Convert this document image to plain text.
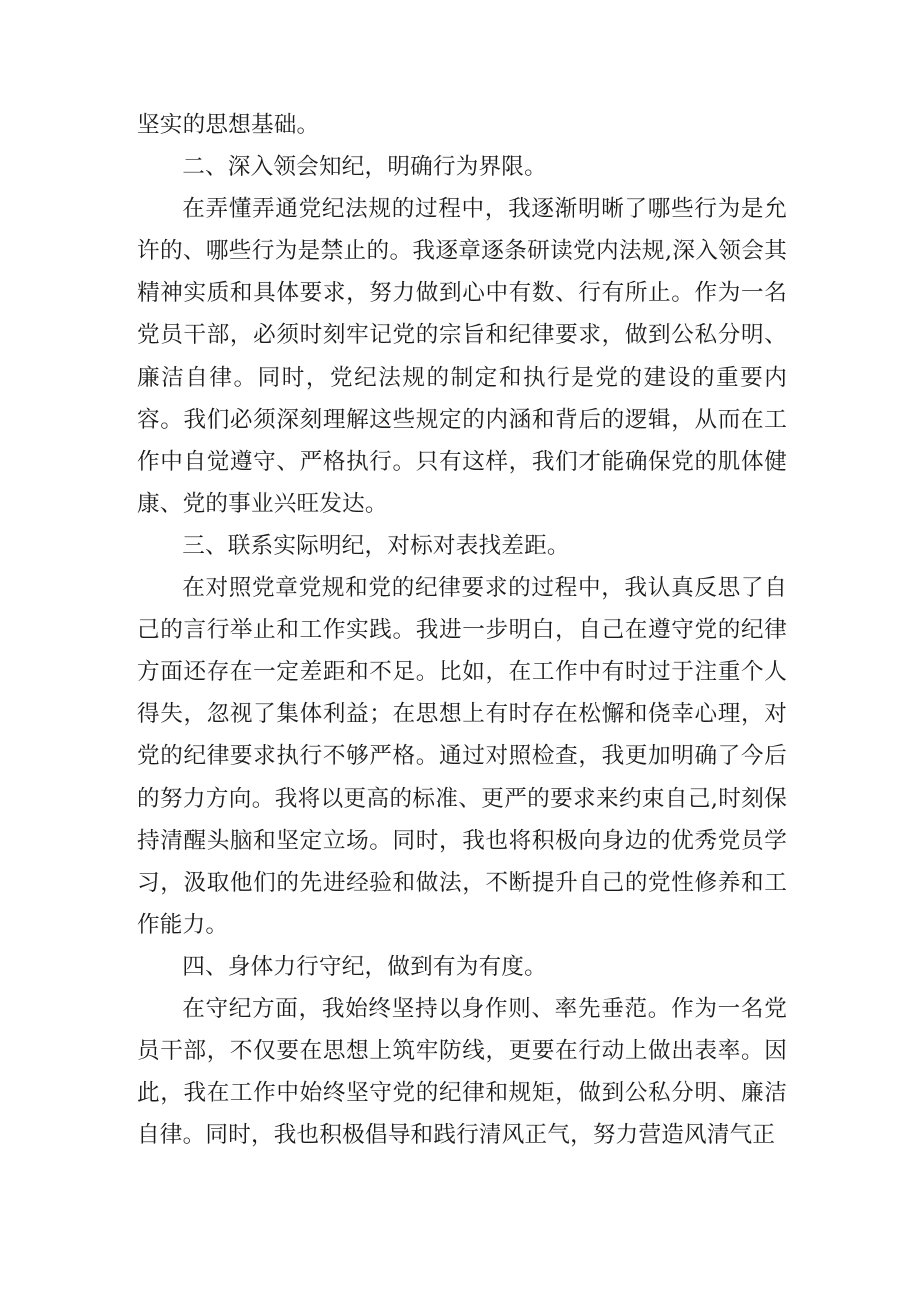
坚实的思想基础。

二、深入领会知纪，明确行为界限。

在弄懂弄通党纪法规的过程中，我逐渐明晰了哪些行为是允许的、哪些行为是禁止的。我逐章逐条研读党内法规,深入领会其精神实质和具体要求，努力做到心中有数、行有所止。作为一名党员干部，必须时刻牢记党的宗旨和纪律要求，做到公私分明、廉洁自律。同时，党纪法规的制定和执行是党的建设的重要内容。我们必须深刻理解这些规定的内涵和背后的逻辑，从而在工作中自觉遵守、严格执行。只有这样，我们才能确保党的肌体健康、党的事业兴旺发达。

三、联系实际明纪，对标对表找差距。

在对照党章党规和党的纪律要求的过程中，我认真反思了自己的言行举止和工作实践。我进一步明白，自己在遵守党的纪律方面还存在一定差距和不足。比如，在工作中有时过于注重个人得失，忽视了集体利益；在思想上有时存在松懈和侥幸心理，对党的纪律要求执行不够严格。通过对照检查，我更加明确了今后的努力方向。我将以更高的标准、更严的要求来约束自己,时刻保持清醒头脑和坚定立场。同时，我也将积极向身边的优秀党员学习，汲取他们的先进经验和做法，不断提升自己的党性修养和工作能力。

四、身体力行守纪，做到有为有度。

在守纪方面，我始终坚持以身作则、率先垂范。作为一名党员干部，不仅要在思想上筑牢防线，更要在行动上做出表率。因此，我在工作中始终坚守党的纪律和规矩，做到公私分明、廉洁自律。同时，我也积极倡导和践行清风正气，努力营造风清气正
